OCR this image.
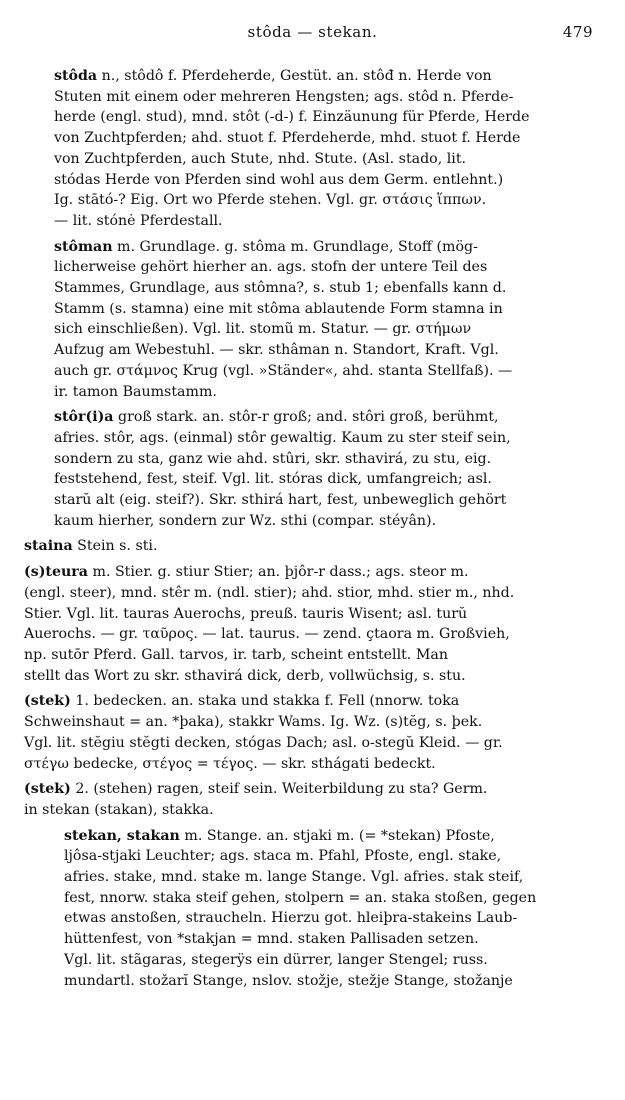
stôda — stekan.	479

stôda n., stôdô f. Pferdeherde, Gestüt. an. stôđ n. Herde von

Stuten mit einem oder mehreren Hengsten; ags. stôd n. Pferde-

herde (engl. stud), mnd. stôt (-d-) f. Einzäunung für Pferde, Herde

von Zuchtpferden; ahd. stuot f. Pferdeherde, mhd. stuot f. Herde

von Zuchtpferden, auch Stute, nhd. Stute. (Asl. stado, lit.

stódas Herde von Pferden sind wohl aus dem Germ. entlehnt.)

Ig. stātó-? Eig. Ort wo Pferde stehen. Vgl. gr. στάσις ἵππων.

— lit. stónė Pferdestall.

stôman m. Grundlage. g. stôma m. Grundlage, Stoff (mög-

licherweise gehört hierher an. ags. stofn der untere Teil des

Stammes, Grundlage, aus stômna?, s. stub 1; ebenfalls kann d.

Stamm (s. stamna) eine mit stôma ablautende Form stamna in

sich einschließen). Vgl. lit. stomũ m. Statur. — gr. στήμων

Aufzug am Webestuhl. — skr. sthâman n. Standort, Kraft. Vgl.

auch gr. στάμνος Krug (vgl. »Ständer«, ahd. stanta Stellfaß). —

ir. tamon Baumstamm.

stôr(i)a groß stark. an. stôr-r groß; and. stôri groß, berühmt,

afries. stôr, ags. (einmal) stôr gewaltig. Kaum zu ster steif sein,

sondern zu sta, ganz wie ahd. stûri, skr. sthavirá, zu stu, eig.

feststehend, fest, steif. Vgl. lit. stóras dick, umfangreich; asl.

starŭ alt (eig. steif?). Skr. sthirá hart, fest, unbeweglich gehört

kaum hierher, sondern zur Wz. sthi (compar. stéyân).

staina Stein s. sti.

(s)teura m. Stier. g. stiur Stier; an. þjôr-r dass.; ags. steor m.

(engl. steer), mnd. stêr m. (ndl. stier); ahd. stior, mhd. stier m., nhd.

Stier. Vgl. lit. tauras Auerochs, preuß. tauris Wisent; asl. turŭ

Auerochs. — gr. ταῦρος. — lat. taurus. — zend. çtaora m. Großvieh,

np. sutōr Pferd. Gall. tarvos, ir. tarb, scheint entstellt. Man

stellt das Wort zu skr. sthavirá dick, derb, vollwüchsig, s. stu.

(stek) 1. bedecken. an. staka und stakka f. Fell (nnorw. toka

Schweinshaut = an. *þaka), stakkr Wams. Ig. Wz. (s)tĕg, s. þek.

Vgl. lit. stĕgiu stĕgti decken, stógas Dach; asl. o-stegŭ Kleid. — gr.

στέγω bedecke, στέγος = τέγος. — skr. sthágati bedeckt.

(stek) 2. (stehen) ragen, steif sein. Weiterbildung zu sta? Germ.

in stekan (stakan), stakka.

stekan, stakan m. Stange. an. stjaki m. (= *stekan) Pfoste,

ljôsa-stjaki Leuchter; ags. staca m. Pfahl, Pfoste, engl. stake,

afries. stake, mnd. stake m. lange Stange. Vgl. afries. stak steif,

fest, nnorw. staka steif gehen, stolpern = an. staka stoßen, gegen

etwas anstoßen, straucheln. Hierzu got. hleiþra-stakeins Laub-

hüttenfest, von *stakjan = mnd. staken Pallisaden setzen.

Vgl. lit. stãgaras, stegerÿs ein dürrer, langer Stengel; russ.

mundartl. stožarĭ Stange, nslov. stožje, stežje Stange, stožanje
